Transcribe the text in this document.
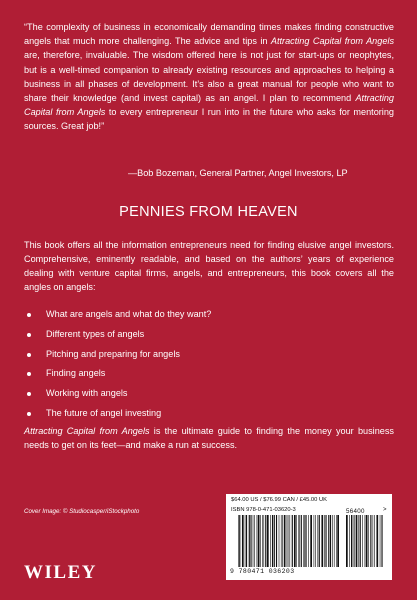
“The complexity of business in economically demanding times makes finding constructive angels that much more challenging. The advice and tips in Attracting Capital from Angels are, therefore, invaluable. The wisdom offered here is not just for start-ups or neophytes, but is a well-timed companion to already existing resources and approaches to helping a business in all phases of development. It’s also a great manual for people who want to share their knowledge (and invest capital) as an angel. I plan to recommend Attracting Capital from Angels to every entrepreneur I run into in the future who asks for mentoring sources. Great job!”
—Bob Bozeman, General Partner, Angel Investors, LP
PENNIES FROM HEAVEN
This book offers all the information entrepreneurs need for finding elusive angel investors. Comprehensive, eminently readable, and based on the authors’ years of experience dealing with venture capital firms, angels, and entrepreneurs, this book covers all the angles on angels:
What are angels and what do they want?
Different types of angels
Pitching and preparing for angels
Finding angels
Working with angels
The future of angel investing
Attracting Capital from Angels is the ultimate guide to finding the money your business needs to get on its feet—and make a run at success.
Cover Image: © Studiocasper/iStockphoto
WILEY
$64.00 US / $76.99 CAN / £45.00 UK
ISBN 978-0-471-03620-3	56400	>
9 780471 036203
